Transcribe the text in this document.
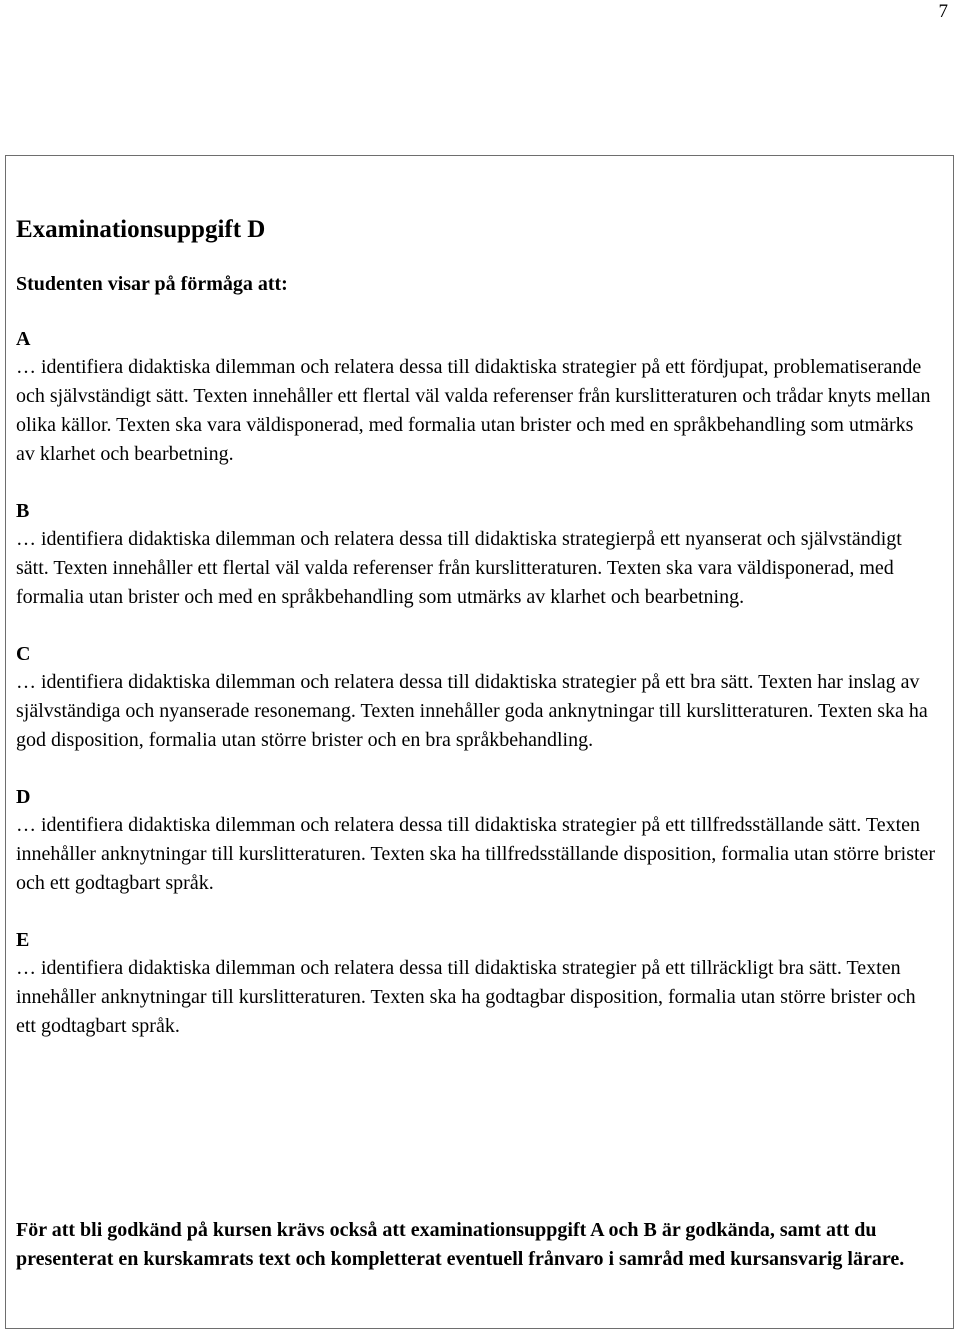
7
Examinationsuppgift D
Studenten visar på förmåga att:
A

… identifiera didaktiska dilemman och relatera dessa till didaktiska strategier på ett fördjupat, problematiserande och självständigt sätt. Texten innehåller ett flertal väl valda referenser från kurslitteraturen och trådar knyts mellan olika källor. Texten ska vara väldisponerad, med formalia utan brister och med en språkbehandling som utmärks av klarhet och bearbetning.

B

… identifiera didaktiska dilemman och relatera dessa till didaktiska strategierpå ett nyanserat och självständigt sätt. Texten innehåller ett flertal väl valda referenser från kurslitteraturen. Texten ska vara väldisponerad, med formalia utan brister och med en språkbehandling som utmärks av klarhet och bearbetning.

C

… identifiera didaktiska dilemman och relatera dessa till didaktiska strategier på ett bra sätt. Texten har inslag av självständiga och nyanserade resonemang. Texten innehåller goda anknytningar till kurslitteraturen. Texten ska ha god disposition, formalia utan större brister och en bra språkbehandling.

D

… identifiera didaktiska dilemman och relatera dessa till didaktiska strategier på ett tillfredsställande sätt. Texten innehåller anknytningar till kurslitteraturen. Texten ska ha tillfredsställande disposition, formalia utan större brister och ett godtagbart språk.

E

… identifiera didaktiska dilemman och relatera dessa till didaktiska strategier på ett tillräckligt bra sätt. Texten innehåller anknytningar till kurslitteraturen. Texten ska ha godtagbar disposition, formalia utan större brister och ett godtagbart språk.

För att bli godkänd på kursen krävs också att examinationsuppgift A och B är godkända, samt att du presenterat en kurskamrats text och kompletterat eventuell frånvaro i samråd med kursansvarig lärare.
